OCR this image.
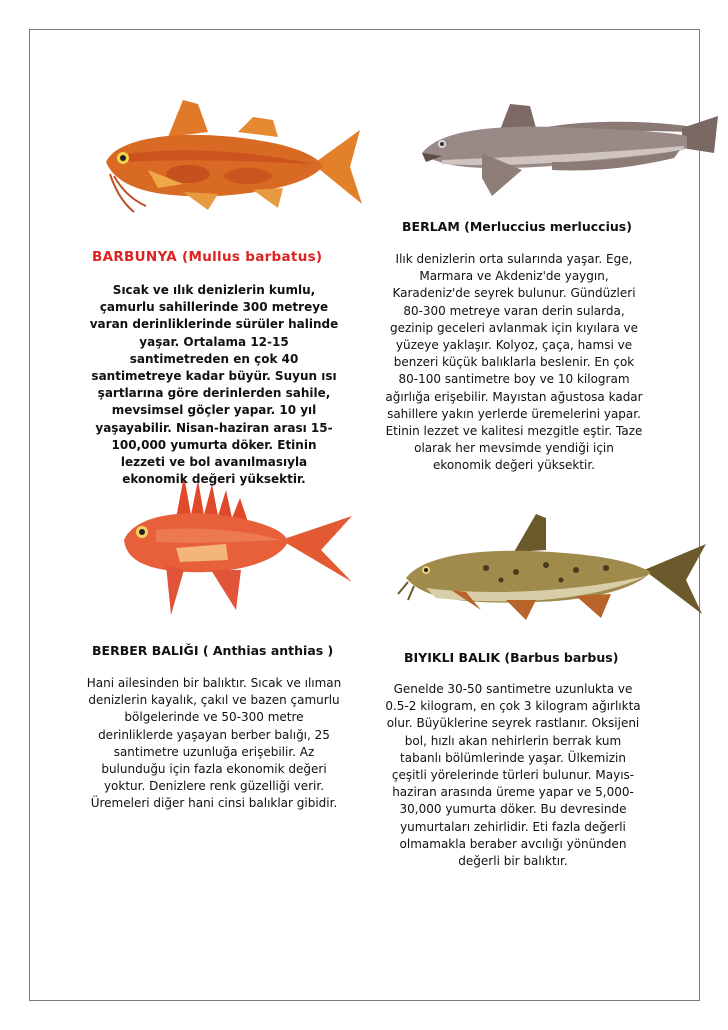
BARBUNYA (Mullus barbatus)
Sıcak ve ılık denizlerin kumlu, çamurlu sahillerinde 300 metreye varan derinliklerinde sürüler halinde yaşar. Ortalama 12-15 santimetreden en çok 40 santimetreye kadar büyür. Suyun ısı şartlarına göre derinlerden sahile, mevsimsel göçler yapar. 10 yıl yaşayabilir. Nisan-haziran arası 15-100,000 yumurta döker. Etinin lezzeti ve bol avanılmasıyla ekonomik değeri yüksektir.
BERLAM (Merluccius merluccius)
Ilık denizlerin orta sularında yaşar. Ege, Marmara ve Akdeniz'de yaygın, Karadeniz'de seyrek bulunur. Gündüzleri 80-300 metreye varan derin sularda, gezinip geceleri avlanmak için kıyılara ve yüzeye yaklaşır. Kolyoz, çaça, hamsi ve benzeri küçük balıklarla beslenir. En çok 80-100 santimetre boy ve 10 kilogram ağırlığa erişebilir. Mayıstan ağustosa kadar sahillere yakın yerlerde üremelerini yapar. Etinin lezzet ve kalitesi mezgitle eştir. Taze olarak her mevsimde yendiği için ekonomik değeri yüksektir.
BERBER BALIĞI ( Anthias anthias )
Hani ailesinden bir balıktır. Sıcak ve ılıman denizlerin kayalık, çakıl ve bazen çamurlu bölgelerinde ve 50-300 metre derinliklerde yaşayan berber balığı, 25 santimetre uzunluğa erişebilir. Az bulunduğu için fazla ekonomik değeri yoktur. Denizlere renk güzelliği verir. Üremeleri diğer hani cinsi balıklar gibidir.
BIYIKLI BALIK (Barbus barbus)
Genelde 30-50 santimetre uzunlukta ve 0.5-2 kilogram, en çok 3 kilogram ağırlıkta olur. Büyüklerine seyrek rastlanır. Oksijeni bol, hızlı akan nehirlerin berrak kum tabanlı bölümlerinde yaşar. Ülkemizin çeşitli yörelerinde türleri bulunur. Mayıs-haziran arasında üreme yapar ve 5,000-30,000 yumurta döker. Bu devresinde yumurtaları zehirlidir. Eti fazla değerli olmamakla beraber avcılığı yönünden değerli bir balıktır.
